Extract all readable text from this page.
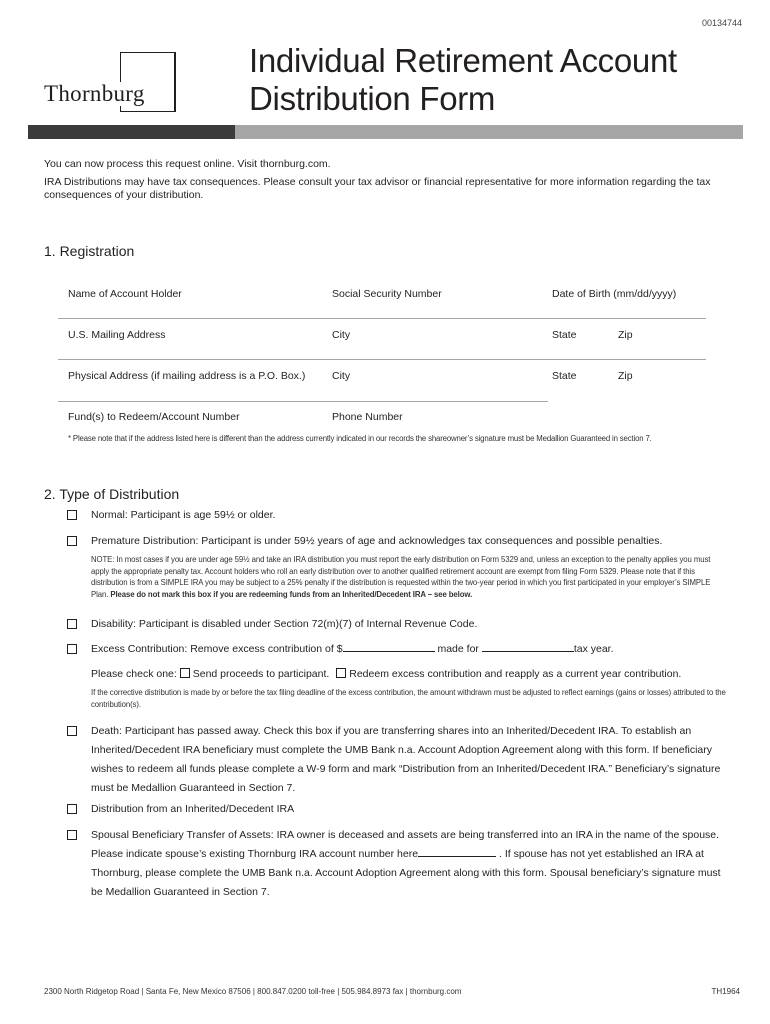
00134744
Thornburg
Individual Retirement Account
Distribution Form

You can now process this request online. Visit thornburg.com.

IRA Distributions may have tax consequences. Please consult your tax advisor or financial representative for more information regarding the tax consequences of your distribution.

1. Registration
Name of Account Holder	Social Security Number	Date of Birth (mm/dd/yyyy)
U.S. Mailing Address	City	State	Zip
Physical Address (if mailing address is a P.O. Box.)	City	State	Zip
Fund(s) to Redeem/Account Number	Phone Number
* Please note that if the address listed here is different than the address currently indicated in our records the shareowner’s signature must be Medallion Guaranteed in section 7.
2. Type of Distribution
Normal: Participant is age 59½ or older.
Premature Distribution: Participant is under 59½ years of age and acknowledges tax consequences and possible penalties.
NOTE: In most cases if you are under age 59½ and take an IRA distribution you must report the early distribution on Form 5329 and, unless an exception to the penalty applies you must apply the appropriate penalty tax. Account holders who roll an early distribution over to another qualified retirement account are exempt from filing Form 5329. Please note that if this distribution is from a SIMPLE IRA you may be subject to a 25% penalty if the distribution is requested within the two-year period in which you first participated in your employer’s SIMPLE Plan. Please do not mark this box if you are redeeming funds from an Inherited/Decedent IRA – see below.
Disability: Participant is disabled under Section 72(m)(7) of Internal Revenue Code.
Excess Contribution: Remove excess contribution of $	made for	tax year.
Please check one: Send proceeds to participant. Redeem excess contribution and reapply as a current year contribution.
If the corrective distribution is made by or before the tax filing deadline of the excess contribution, the amount withdrawn must be adjusted to reflect earnings (gains or losses) attributed to the contribution(s).
Death: Participant has passed away. Check this box if you are transferring shares into an Inherited/Decedent IRA. To establish an Inherited/Decedent IRA beneficiary must complete the UMB Bank n.a. Account Adoption Agreement along with this form. If beneficiary wishes to redeem all funds please complete a W-9 form and mark “Distribution from an Inherited/Decedent IRA.” Beneficiary’s signature must be Medallion Guaranteed in Section 7.
Distribution from an Inherited/Decedent IRA
Spousal Beneficiary Transfer of Assets: IRA owner is deceased and assets are being transferred into an IRA in the name of the spouse. Please indicate spouse’s existing Thornburg IRA account number here	. If spouse has not yet established an IRA at Thornburg, please complete the UMB Bank n.a. Account Adoption Agreement along with this form. Spousal beneficiary’s signature must be Medallion Guaranteed in Section 7.
2300 North Ridgetop Road | Santa Fe, New Mexico 87506 | 800.847.0200 toll-free | 505.984.8973 fax | thornburg.com	TH1964
